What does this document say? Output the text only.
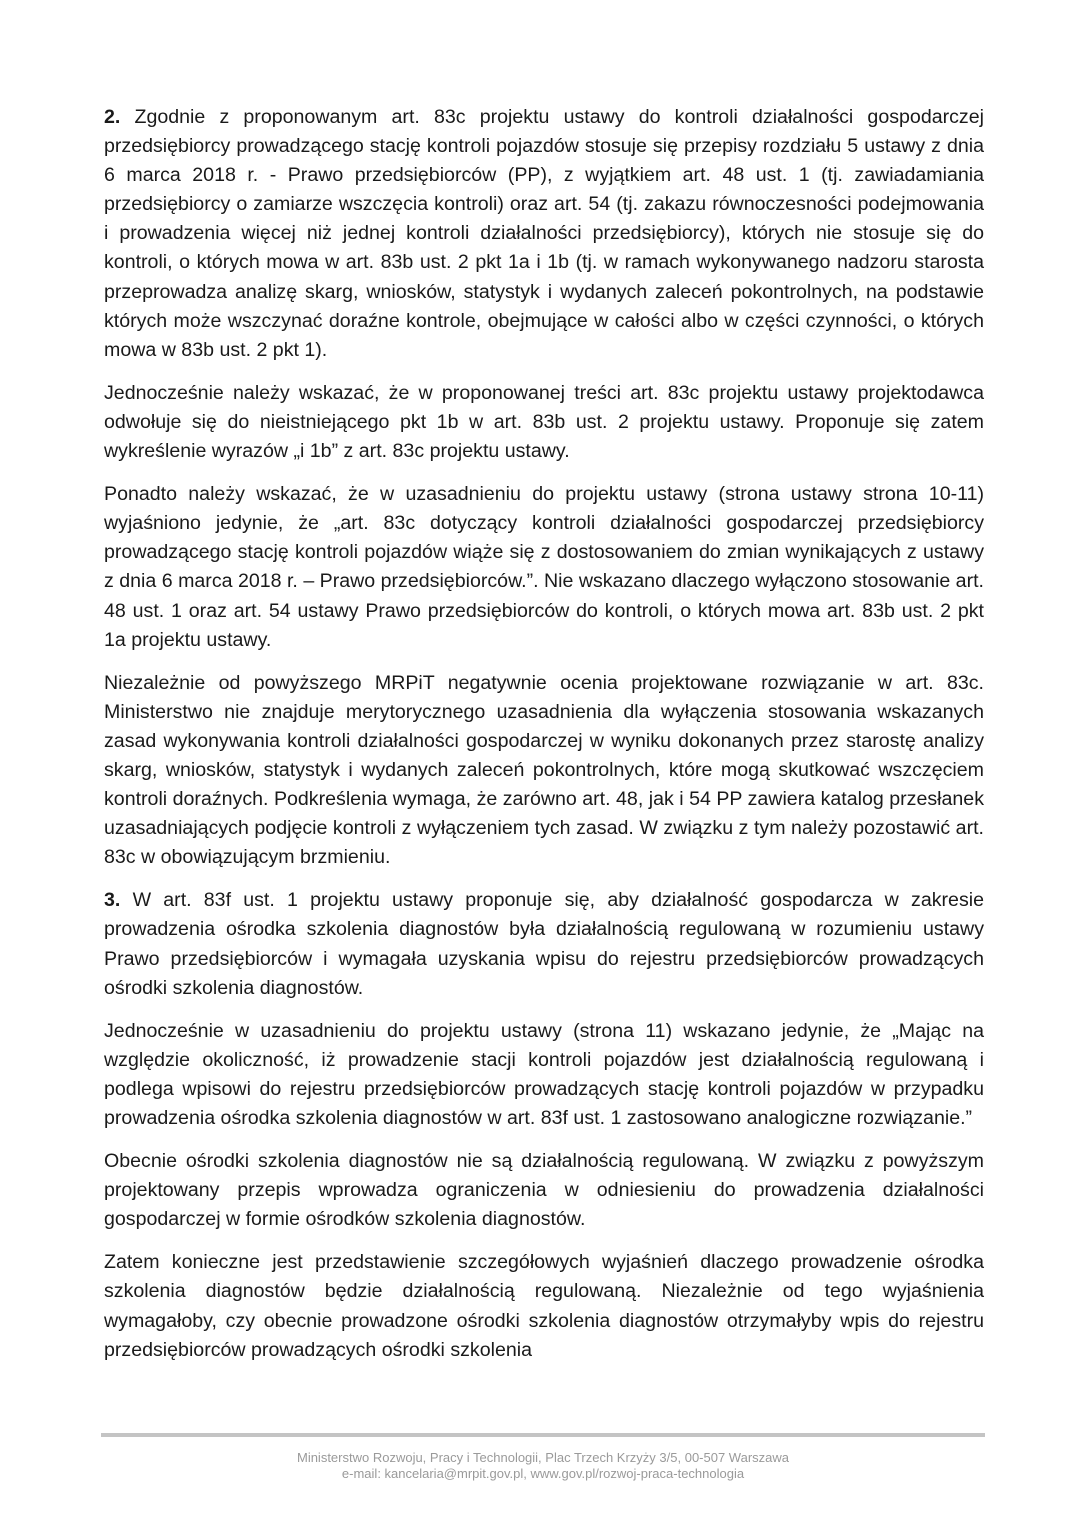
2. Zgodnie z proponowanym art. 83c projektu ustawy do kontroli działalności gospodarczej przedsiębiorcy prowadzącego stację kontroli pojazdów stosuje się przepisy rozdziału 5 ustawy z dnia 6 marca 2018 r. - Prawo przedsiębiorców (PP), z wyjątkiem art. 48 ust. 1 (tj. zawiadamiania przedsiębiorcy o zamiarze wszczęcia kontroli) oraz art. 54 (tj. zakazu równoczesności podejmowania i prowadzenia więcej niż jednej kontroli działalności przedsiębiorcy), których nie stosuje się do kontroli, o których mowa w art. 83b ust. 2 pkt 1a i 1b (tj. w ramach wykonywanego nadzoru starosta przeprowadza analizę skarg, wniosków, statystyk i wydanych zaleceń pokontrolnych, na podstawie których może wszczynać doraźne kontrole, obejmujące w całości albo w części czynności, o których mowa w 83b ust. 2 pkt 1).

Jednocześnie należy wskazać, że w proponowanej treści art. 83c projektu ustawy projektodawca odwołuje się do nieistniejącego pkt 1b w art. 83b ust. 2 projektu ustawy. Proponuje się zatem wykreślenie wyrazów „i 1b” z art. 83c projektu ustawy.

Ponadto należy wskazać, że w uzasadnieniu do projektu ustawy (strona ustawy strona 10-11) wyjaśniono jedynie, że „art. 83c dotyczący kontroli działalności gospodarczej przedsiębiorcy prowadzącego stację kontroli pojazdów wiąże się z dostosowaniem do zmian wynikających z ustawy z dnia 6 marca 2018 r. – Prawo przedsiębiorców.”. Nie wskazano dlaczego wyłączono stosowanie art. 48 ust. 1 oraz art. 54 ustawy Prawo przedsiębiorców do kontroli, o których mowa art. 83b ust. 2 pkt 1a projektu ustawy.

Niezależnie od powyższego MRPiT negatywnie ocenia projektowane rozwiązanie w art. 83c. Ministerstwo nie znajduje merytorycznego uzasadnienia dla wyłączenia stosowania wskazanych zasad wykonywania kontroli działalności gospodarczej w wyniku dokonanych przez starostę analizy skarg, wniosków, statystyk i wydanych zaleceń pokontrolnych, które mogą skutkować wszczęciem kontroli doraźnych. Podkreślenia wymaga, że zarówno art. 48, jak i 54 PP zawiera katalog przesłanek uzasadniających podjęcie kontroli z wyłączeniem tych zasad. W związku z tym należy pozostawić art. 83c w obowiązującym brzmieniu.

3. W art. 83f ust. 1 projektu ustawy proponuje się, aby działalność gospodarcza w zakresie prowadzenia ośrodka szkolenia diagnostów była działalnością regulowaną w rozumieniu ustawy Prawo przedsiębiorców i wymagała uzyskania wpisu do rejestru przedsiębiorców prowadzących ośrodki szkolenia diagnostów.

Jednocześnie w uzasadnieniu do projektu ustawy (strona 11) wskazano jedynie, że „Mając na względzie okoliczność, iż prowadzenie stacji kontroli pojazdów jest działalnością regulowaną i podlega wpisowi do rejestru przedsiębiorców prowadzących stację kontroli pojazdów w przypadku prowadzenia ośrodka szkolenia diagnostów w art. 83f ust. 1 zastosowano analogiczne rozwiązanie.”

Obecnie ośrodki szkolenia diagnostów nie są działalnością regulowaną. W związku z powyższym projektowany przepis wprowadza ograniczenia w odniesieniu do prowadzenia działalności gospodarczej w formie ośrodków szkolenia diagnostów.

Zatem konieczne jest przedstawienie szczegółowych wyjaśnień dlaczego prowadzenie ośrodka szkolenia diagnostów będzie działalnością regulowaną. Niezależnie od tego wyjaśnienia wymagałoby, czy obecnie prowadzone ośrodki szkolenia diagnostów otrzymałyby wpis do rejestru przedsiębiorców prowadzących ośrodki szkolenia

Ministerstwo Rozwoju, Pracy i Technologii, Plac Trzech Krzyży 3/5, 00-507 Warszawa
e-mail: kancelaria@mrpit.gov.pl, www.gov.pl/rozwoj-praca-technologia
